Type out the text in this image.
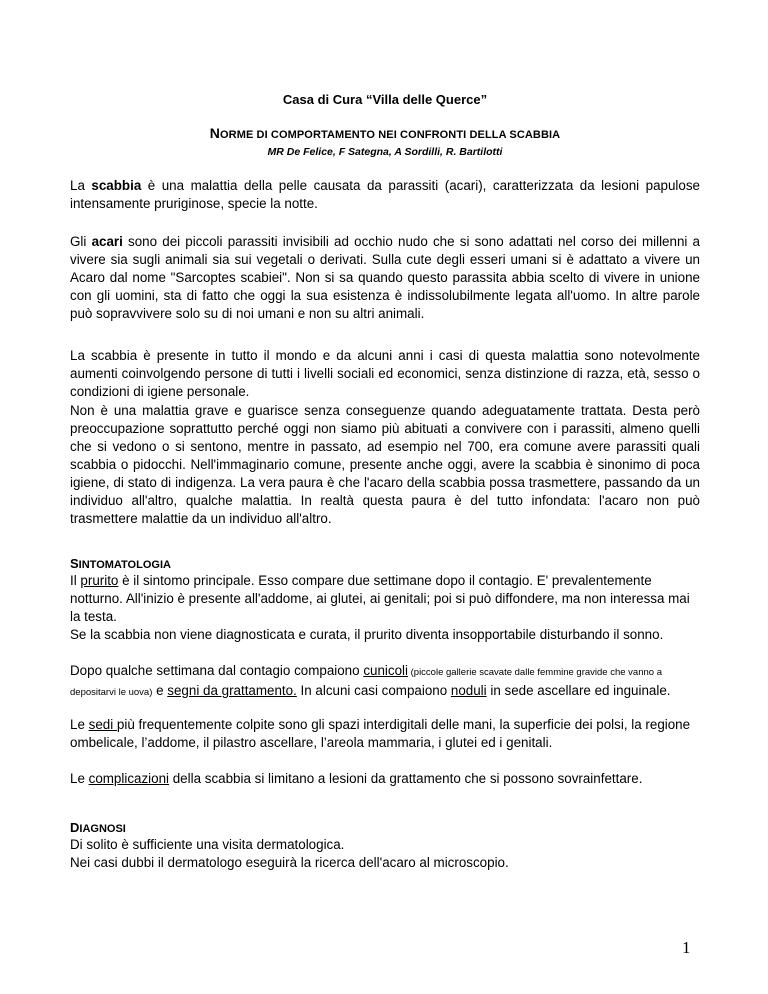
Casa di Cura “Villa delle Querce”
NORME DI COMPORTAMENTO NEI CONFRONTI DELLA SCABBIA
MR De Felice, F Sategna, A Sordilli, R. Bartilotti
La scabbia è una malattia della pelle causata da parassiti (acari), caratterizzata da lesioni papulose intensamente pruriginose, specie la notte.
Gli acari sono dei piccoli parassiti invisibili ad occhio nudo che si sono adattati nel corso dei millenni a vivere sia sugli animali sia sui vegetali o derivati. Sulla cute degli esseri umani si è adattato a vivere un Acaro dal nome "Sarcoptes scabiei". Non si sa quando questo parassita abbia scelto di vivere in unione con gli uomini, sta di fatto che oggi la sua esistenza è indissolubilmente legata all'uomo. In altre parole può sopravvivere solo su di noi umani e non su altri animali.
La scabbia è presente in tutto il mondo e da alcuni anni i casi di questa malattia sono notevolmente aumenti coinvolgendo persone di tutti i livelli sociali ed economici, senza distinzione di razza, età, sesso o condizioni di igiene personale.
Non è una malattia grave e guarisce senza conseguenze quando adeguatamente trattata. Desta però preoccupazione soprattutto perché oggi non siamo più abituati a convivere con i parassiti, almeno quelli che si vedono o si sentono, mentre in passato, ad esempio nel 700, era comune avere parassiti quali scabbia o pidocchi. Nell'immaginario comune, presente anche oggi, avere la scabbia è sinonimo di poca igiene, di stato di indigenza. La vera paura è che l'acaro della scabbia possa trasmettere, passando da un individuo all'altro, qualche malattia. In realtà questa paura è del tutto infondata: l'acaro non può trasmettere malattie da un individuo all'altro.
SINTOMATOLOGIA
Il prurito è il sintomo principale. Esso compare due settimane dopo il contagio. E' prevalentemente notturno. All'inizio è presente all'addome, ai glutei, ai genitali; poi si può diffondere, ma non interessa mai la testa.
Se la scabbia non viene diagnosticata e curata, il prurito diventa insopportabile disturbando il sonno.
Dopo qualche settimana dal contagio compaiono cunicoli (piccole gallerie scavate dalle femmine gravide che vanno a depositarvi le uova) e segni da grattamento. In alcuni casi compaiono noduli in sede ascellare ed inguinale.
Le sedi più frequentemente colpite sono gli spazi interdigitali delle mani, la superficie dei polsi, la regione ombelicale, l’addome, il pilastro ascellare, l’areola mammaria, i glutei ed i genitali.
Le complicazioni della scabbia si limitano a lesioni da grattamento che si possono sovrainfettare.
DIAGNOSI
Di solito è sufficiente una visita dermatologica.
Nei casi dubbi il dermatologo eseguirà la ricerca dell'acaro al microscopio.
1
